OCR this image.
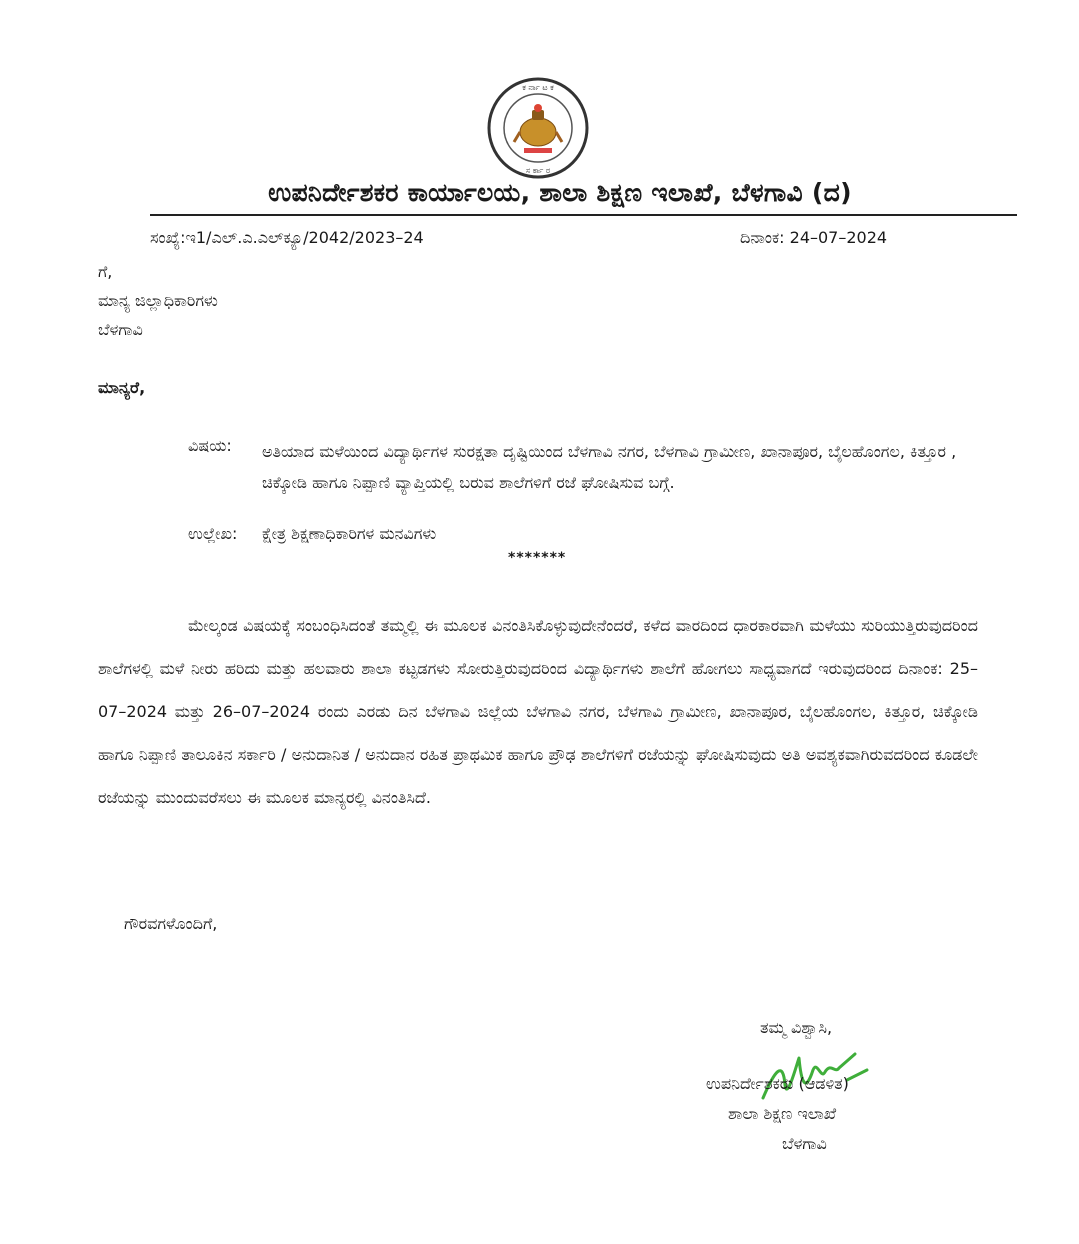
ಕ ರ್ನಾ ಟ ಕ
ಸ ರ್ಕಾ ರ
ಉಪನಿರ್ದೇಶಕರ ಕಾರ್ಯಾಲಯ, ಶಾಲಾ ಶಿಕ್ಷಣ ಇಲಾಖೆ, ಬೆಳಗಾವಿ (ದ)
ಸಂಖ್ಯೆ:ಇ1/ಎಲ್.ಎ.ಎಲ್‌ಕ್ಯೂ/2042/2023–24	ದಿನಾಂಕ: 24–07–2024
ಗೆ,
ಮಾನ್ಯ ಜಿಲ್ಲಾಧಿಕಾರಿಗಳು
ಬೆಳಗಾವಿ
ಮಾನ್ಯರೆ,
ವಿಷಯ: ಅತಿಯಾದ ಮಳೆಯಿಂದ ವಿದ್ಯಾರ್ಥಿಗಳ ಸುರಕ್ಷತಾ ದೃಷ್ಟಿಯಿಂದ ಬೆಳಗಾವಿ ನಗರ, ಬೆಳಗಾವಿ ಗ್ರಾಮೀಣ, ಖಾನಾಪೂರ, ಬೈಲಹೊಂಗಲ, ಕಿತ್ತೂರ , ಚಿಕ್ಕೋಡಿ ಹಾಗೂ ನಿಪ್ಪಾಣಿ ವ್ಯಾಪ್ತಿಯಲ್ಲಿ ಬರುವ ಶಾಲೆಗಳಿಗೆ ರಜೆ ಘೋಷಿಸುವ ಬಗ್ಗೆ.
ಉಲ್ಲೇಖ: ಕ್ಷೇತ್ರ ಶಿಕ್ಷಣಾಧಿಕಾರಿಗಳ ಮನವಿಗಳು
*******
ಮೇಲ್ಕಂಡ ವಿಷಯಕ್ಕೆ ಸಂಬಂಧಿಸಿದಂತೆ ತಮ್ಮಲ್ಲಿ ಈ ಮೂಲಕ ವಿನಂತಿಸಿಕೊಳ್ಳುವುದೇನೆಂದರೆ, ಕಳೆದ ವಾರದಿಂದ ಧಾರಕಾರವಾಗಿ ಮಳೆಯು ಸುರಿಯುತ್ತಿರುವುದರಿಂದ ಶಾಲೆಗಳಲ್ಲಿ ಮಳೆ ನೀರು ಹರಿದು ಮತ್ತು ಹಲವಾರು ಶಾಲಾ ಕಟ್ಟಡಗಳು ಸೋರುತ್ತಿರುವುದರಿಂದ ವಿದ್ಯಾರ್ಥಿಗಳು ಶಾಲೆಗೆ ಹೋಗಲು ಸಾಧ್ಯವಾಗದೆ ಇರುವುದರಿಂದ ದಿನಾಂಕ: 25–07–2024 ಮತ್ತು 26–07–2024 ರಂದು ಎರಡು ದಿನ ಬೆಳಗಾವಿ ಜಿಲ್ಲೆಯ ಬೆಳಗಾವಿ ನಗರ, ಬೆಳಗಾವಿ ಗ್ರಾಮೀಣ, ಖಾನಾಪೂರ, ಬೈಲಹೊಂಗಲ, ಕಿತ್ತೂರ, ಚಿಕ್ಕೋಡಿ ಹಾಗೂ ನಿಪ್ಪಾಣಿ ತಾಲೂಕಿನ ಸರ್ಕಾರಿ / ಅನುದಾನಿತ / ಅನುದಾನ ರಹಿತ ಪ್ರಾಥಮಿಕ ಹಾಗೂ ಪ್ರೌಢ ಶಾಲೆಗಳಿಗೆ ರಜೆಯನ್ನು ಘೋಷಿಸುವುದು ಅತಿ ಅವಶ್ಯಕವಾಗಿರುವದರಿಂದ ಕೂಡಲೇ ರಜೆಯನ್ನು ಮುಂದುವರೆಸಲು ಈ ಮೂಲಕ ಮಾನ್ಯರಲ್ಲಿ ವಿನಂತಿಸಿದೆ.
ಗೌರವಗಳೊಂದಿಗೆ,
ತಮ್ಮ ವಿಶ್ವಾಸಿ,
ಉಪನಿರ್ದೇಶಕರು (ಆಡಳಿತ)
ಶಾಲಾ ಶಿಕ್ಷಣ ಇಲಾಖೆ
ಬೆಳಗಾವಿ
